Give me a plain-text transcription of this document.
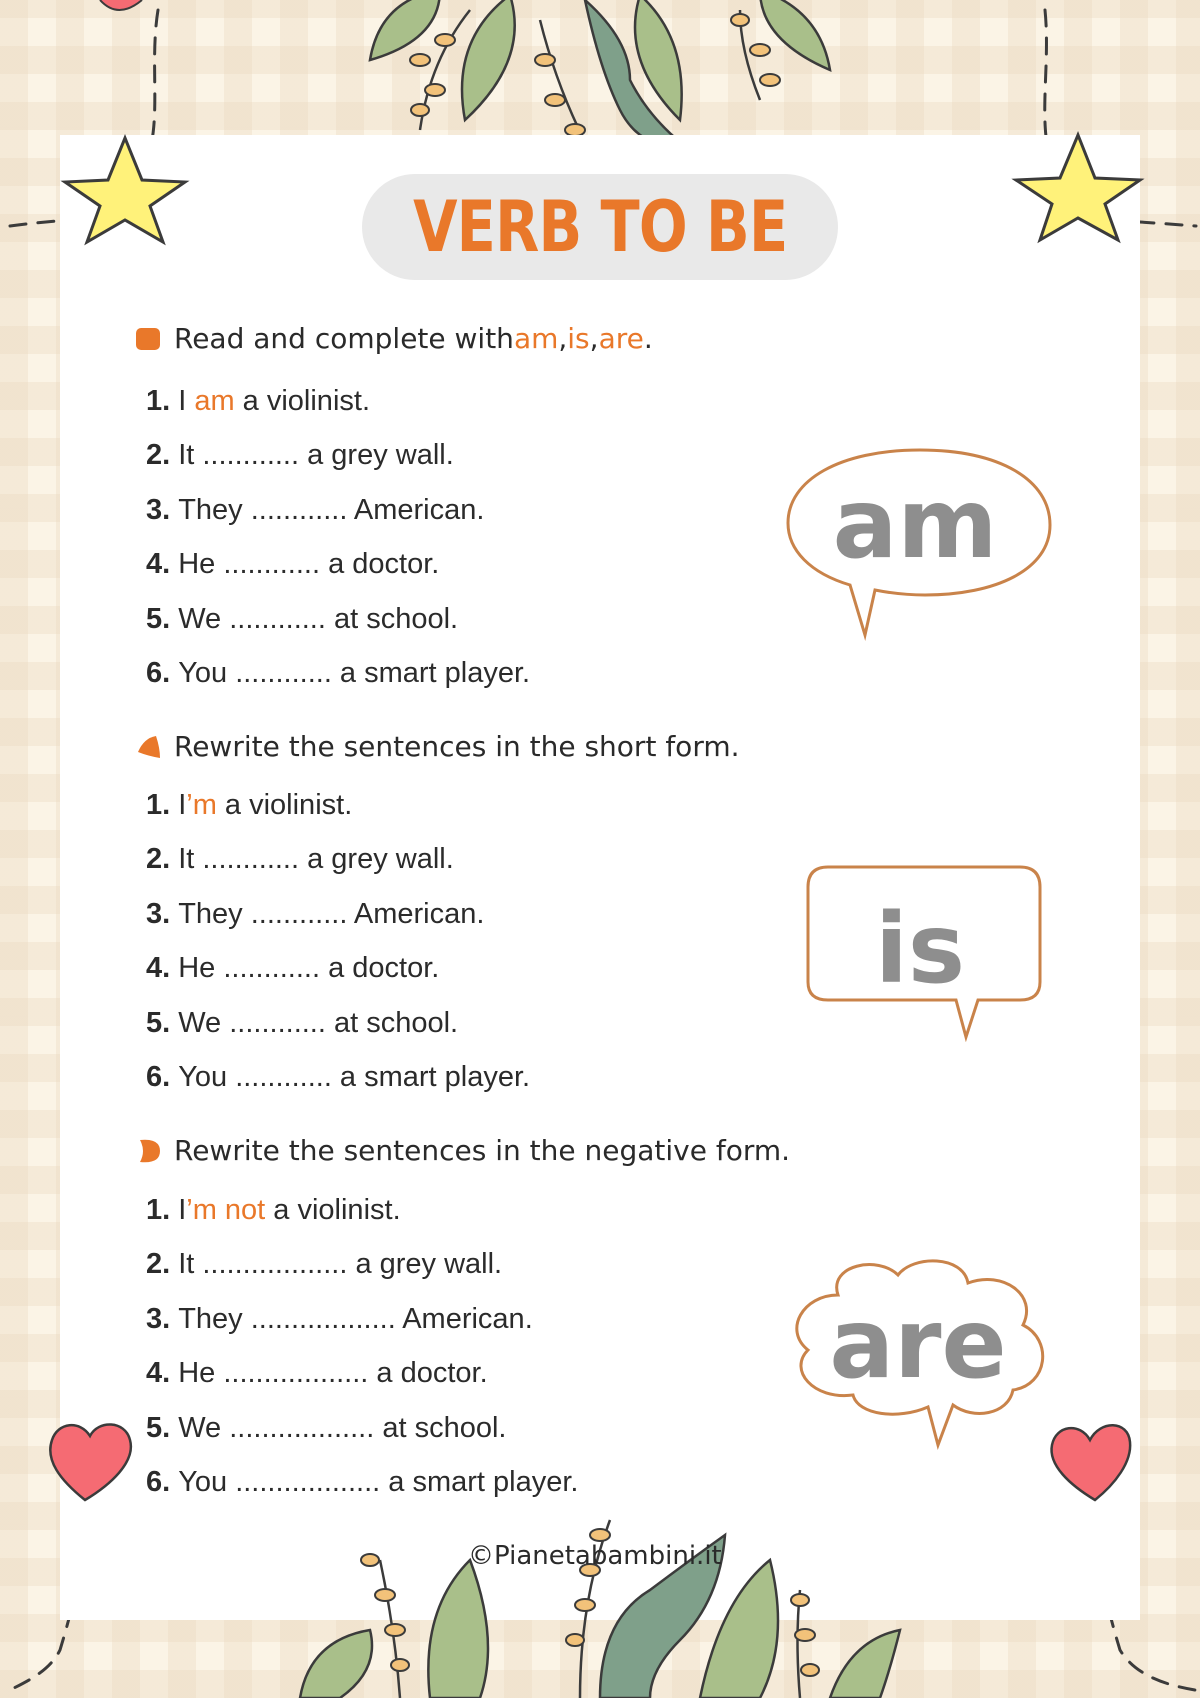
VERB TO BE
Read and complete with am , is , are .
1. I am a violinist.
2. It ............ a grey wall.
3. They ............ American.
4. He ............ a doctor.
5. We ............ at school.
6. You ............ a smart player.
Rewrite the sentences in the short form.
1. I’m a violinist.
2. It ............ a grey wall.
3. They ............ American.
4. He ............ a doctor.
5. We ............ at school.
6. You ............ a smart player.
Rewrite the sentences in the negative form.
1. I’m not a violinist.
2. It .................. a grey wall.
3. They .................. American.
4. He .................. a doctor.
5. We .................. at school.
6. You .................. a smart player.
am
is
are
©Pianetabambini.it
